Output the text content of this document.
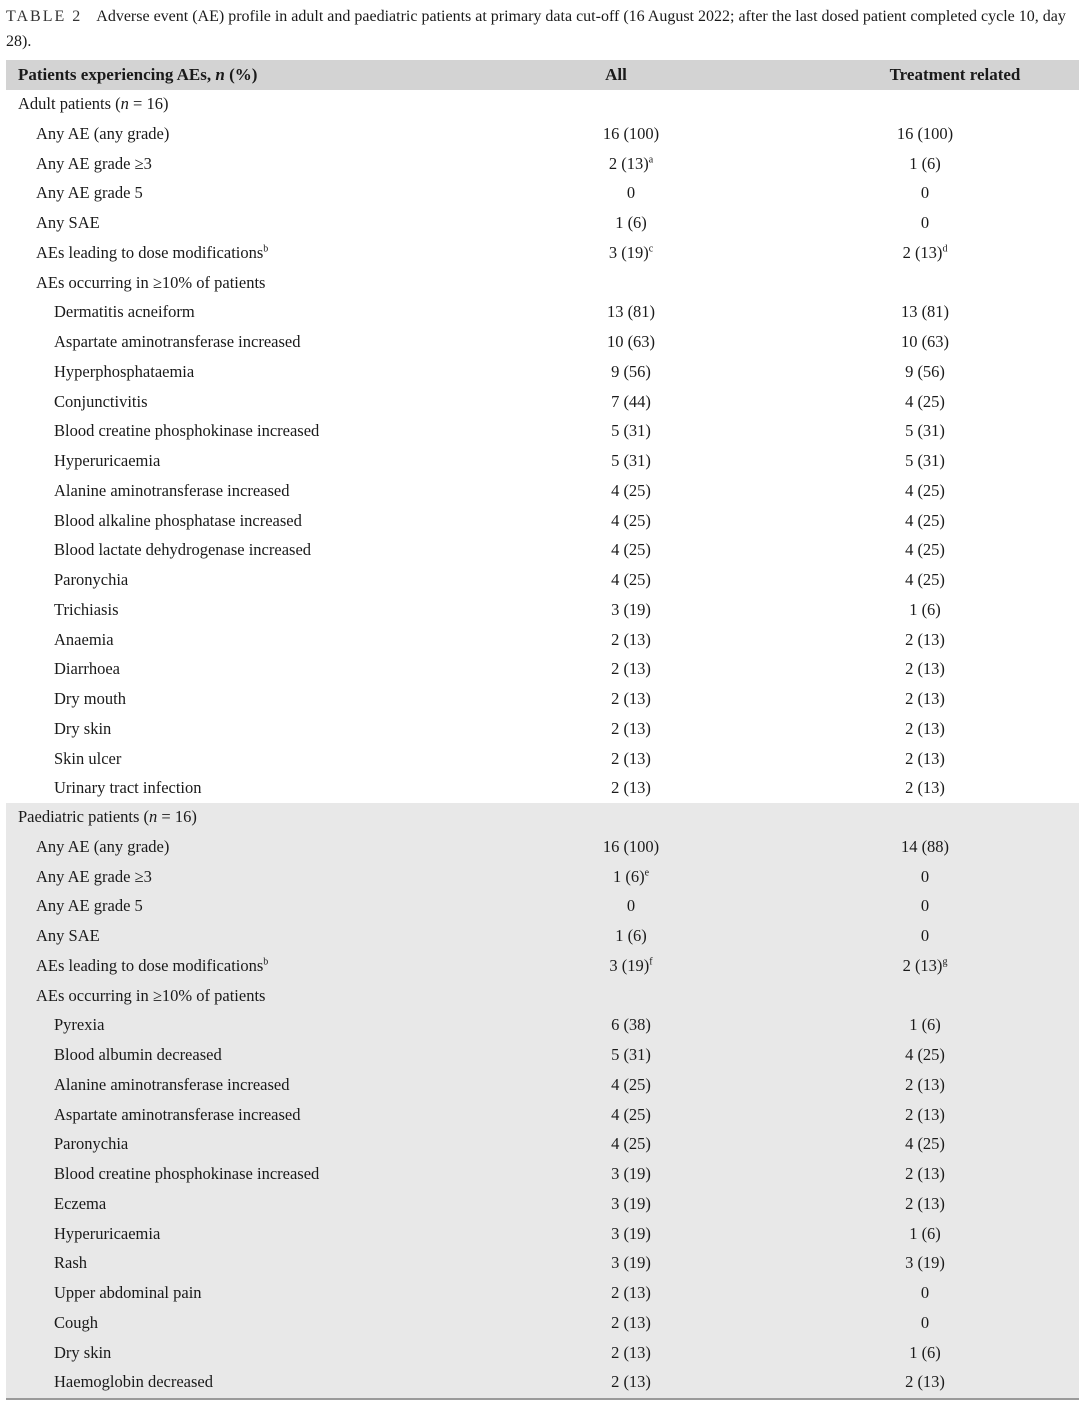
TABLE 2 Adverse event (AE) profile in adult and paediatric patients at primary data cut-off (16 August 2022; after the last dosed patient completed cycle 10, day 28).
Patients experiencing AEs, n (%)	All	Treatment related
Adult patients (n = 16)
Any AE (any grade)	16 (100)	16 (100)
Any AE grade ≥3	2 $(13)^a$	1 (6)
Any AE grade 5	0	0
Any SAE	1 (6)	0
AEs leading to dose modifications$^b$	3 $(19)^c$	2 $(13)^d$
AEs occurring in ≥10% of patients
Dermatitis acneiform	13 (81)	13 (81)
Aspartate aminotransferase increased	10 (63)	10 (63)
Hyperphosphataemia	9 (56)	9 (56)
Conjunctivitis	7 (44)	4 (25)
Blood creatine phosphokinase increased	5 (31)	5 (31)
Hyperuricaemia	5 (31)	5 (31)
Alanine aminotransferase increased	4 (25)	4 (25)
Blood alkaline phosphatase increased	4 (25)	4 (25)
Blood lactate dehydrogenase increased	4 (25)	4 (25)
Paronychia	4 (25)	4 (25)
Trichiasis	3 (19)	1 (6)
Anaemia	2 (13)	2 (13)
Diarrhoea	2 (13)	2 (13)
Dry mouth	2 (13)	2 (13)
Dry skin	2 (13)	2 (13)
Skin ulcer	2 (13)	2 (13)
Urinary tract infection	2 (13)	2 (13)
Paediatric patients (n = 16)
Any AE (any grade)	16 (100)	14 (88)
Any AE grade ≥3	1 $(6)^e$	0
Any AE grade 5	0	0
Any SAE	1 (6)	0
AEs leading to dose modifications$^b$	3 $(19)^f$	2 $(13)^g$
AEs occurring in ≥10% of patients
Pyrexia	6 (38)	1 (6)
Blood albumin decreased	5 (31)	4 (25)
Alanine aminotransferase increased	4 (25)	2 (13)
Aspartate aminotransferase increased	4 (25)	2 (13)
Paronychia	4 (25)	4 (25)
Blood creatine phosphokinase increased	3 (19)	2 (13)
Eczema	3 (19)	2 (13)
Hyperuricaemia	3 (19)	1 (6)
Rash	3 (19)	3 (19)
Upper abdominal pain	2 (13)	0
Cough	2 (13)	0
Dry skin	2 (13)	1 (6)
Haemoglobin decreased	2 (13)	2 (13)
